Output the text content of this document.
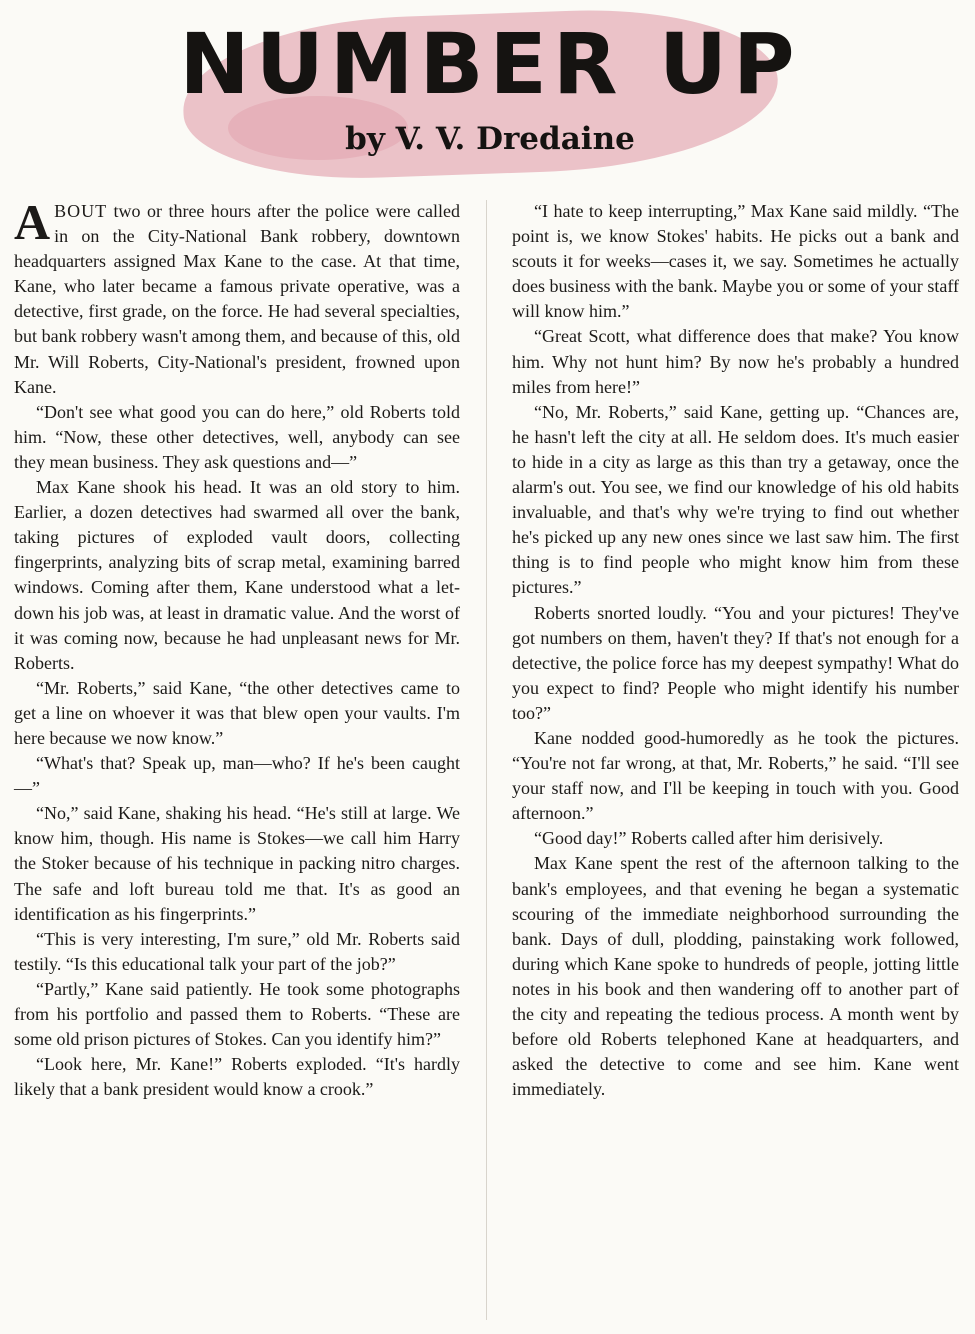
NUMBER UP
by V. V. Dredaine

ABOUT two or three hours after the police were called in on the City-National Bank robbery, downtown headquarters assigned Max Kane to the case. At that time, Kane, who later became a famous private operative, was a detective, first grade, on the force. He had several specialties, but bank robbery wasn't among them, and because of this, old Mr. Will Roberts, City-National's president, frowned upon Kane.

“Don't see what good you can do here,” old Roberts told him. “Now, these other detectives, well, anybody can see they mean business. They ask questions and—”

Max Kane shook his head. It was an old story to him. Earlier, a dozen detectives had swarmed all over the bank, taking pictures of exploded vault doors, collecting fingerprints, analyzing bits of scrap metal, examining barred windows. Coming after them, Kane understood what a let-down his job was, at least in dramatic value. And the worst of it was coming now, because he had unpleasant news for Mr. Roberts.

“Mr. Roberts,” said Kane, “the other detectives came to get a line on whoever it was that blew open your vaults. I'm here because we now know.”

“What's that? Speak up, man—who? If he's been caught—”

“No,” said Kane, shaking his head. “He's still at large. We know him, though. His name is Stokes—we call him Harry the Stoker because of his technique in packing nitro charges. The safe and loft bureau told me that. It's as good an identification as his fingerprints.”

“This is very interesting, I'm sure,” old Mr. Roberts said testily. “Is this educational talk your part of the job?”

“Partly,” Kane said patiently. He took some photographs from his portfolio and passed them to Roberts. “These are some old prison pictures of Stokes. Can you identify him?”

“Look here, Mr. Kane!” Roberts exploded. “It's hardly likely that a bank president would know a crook.”

“I hate to keep interrupting,” Max Kane said mildly. “The point is, we know Stokes' habits. He picks out a bank and scouts it for weeks—cases it, we say. Sometimes he actually does business with the bank. Maybe you or some of your staff will know him.”

“Great Scott, what difference does that make? You know him. Why not hunt him? By now he's probably a hundred miles from here!”

“No, Mr. Roberts,” said Kane, getting up. “Chances are, he hasn't left the city at all. He seldom does. It's much easier to hide in a city as large as this than try a getaway, once the alarm's out. You see, we find our knowledge of his old habits invaluable, and that's why we're trying to find out whether he's picked up any new ones since we last saw him. The first thing is to find people who might know him from these pictures.”

Roberts snorted loudly. “You and your pictures! They've got numbers on them, haven't they? If that's not enough for a detective, the police force has my deepest sympathy! What do you expect to find? People who might identify his number too?”

Kane nodded good-humoredly as he took the pictures. “You're not far wrong, at that, Mr. Roberts,” he said. “I'll see your staff now, and I'll be keeping in touch with you. Good afternoon.”

“Good day!” Roberts called after him derisively.

Max Kane spent the rest of the afternoon talking to the bank's employees, and that evening he began a systematic scouring of the immediate neighborhood surrounding the bank. Days of dull, plodding, painstaking work followed, during which Kane spoke to hundreds of people, jotting little notes in his book and then wandering off to another part of the city and repeating the tedious process. A month went by before old Roberts telephoned Kane at headquarters, and asked the detective to come and see him. Kane went immediately.
